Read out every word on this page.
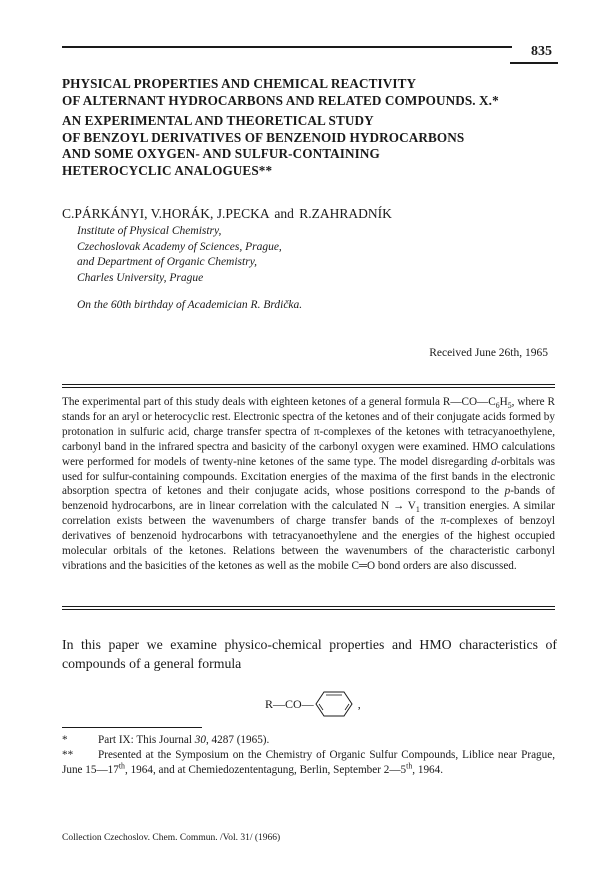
835
PHYSICAL PROPERTIES AND CHEMICAL REACTIVITY
OF ALTERNANT HYDROCARBONS AND RELATED COMPOUNDS. X.*
AN EXPERIMENTAL AND THEORETICAL STUDY
OF BENZOYL DERIVATIVES OF BENZENOID HYDROCARBONS
AND SOME OXYGEN- AND SULFUR-CONTAINING
HETEROCYCLIC ANALOGUES**
C.PÁRKÁNYI, V.HORÁK, J.PECKA and R.ZAHRADNÍK
Institute of Physical Chemistry,
Czechoslovak Academy of Sciences, Prague,
and Department of Organic Chemistry,
Charles University, Prague
On the 60th birthday of Academician R. Brdička.
Received June 26th, 1965

The experimental part of this study deals with eighteen ketones of a general formula $R—CO—C_6H_5$, where R stands for an aryl or heterocyclic rest. Electronic spectra of the ketones and of their conjugate acids formed by protonation in sulfuric acid, charge transfer spectra of π-complexes of the ketones with tetracyanoethylene, carbonyl band in the infrared spectra and basicity of the carbonyl oxygen were examined. HMO calculations were performed for models of twenty-nine ketones of the same type. The model disregarding d-orbitals was used for sulfur-containing compounds. Excitation energies of the maxima of the first bands in the electronic absorption spectra of ketones and their conjugate acids, whose positions correspond to the p-bands of benzenoid hydrocarbons, are in linear correlation with the calculated $N \to V_1$ transition energies. A similar correlation exists between the wavenumbers of charge transfer bands of the π-complexes of benzoyl derivatives of benzenoid hydrocarbons with tetracyanoethylene and the energies of the highest occupied molecular orbitals of the ketones. Relations between the wavenumbers of the characteristic carbonyl vibrations and the basicities of the ketones as well as the mobile C═O bond orders are also discussed.

In this paper we examine physico-chemical properties and HMO characteristics of compounds of a general formula

R—CO—	,
*	Part IX: This Journal 30, 4287 (1965).
** Presented at the Symposium on the Chemistry of Organic Sulfur Compounds, Liblice near Prague, June 15—17th, 1964, and at Chemiedozententagung, Berlin, September 2—5th, 1964.
Collection Czechoslov. Chem. Commun. /Vol. 31/ (1966)
